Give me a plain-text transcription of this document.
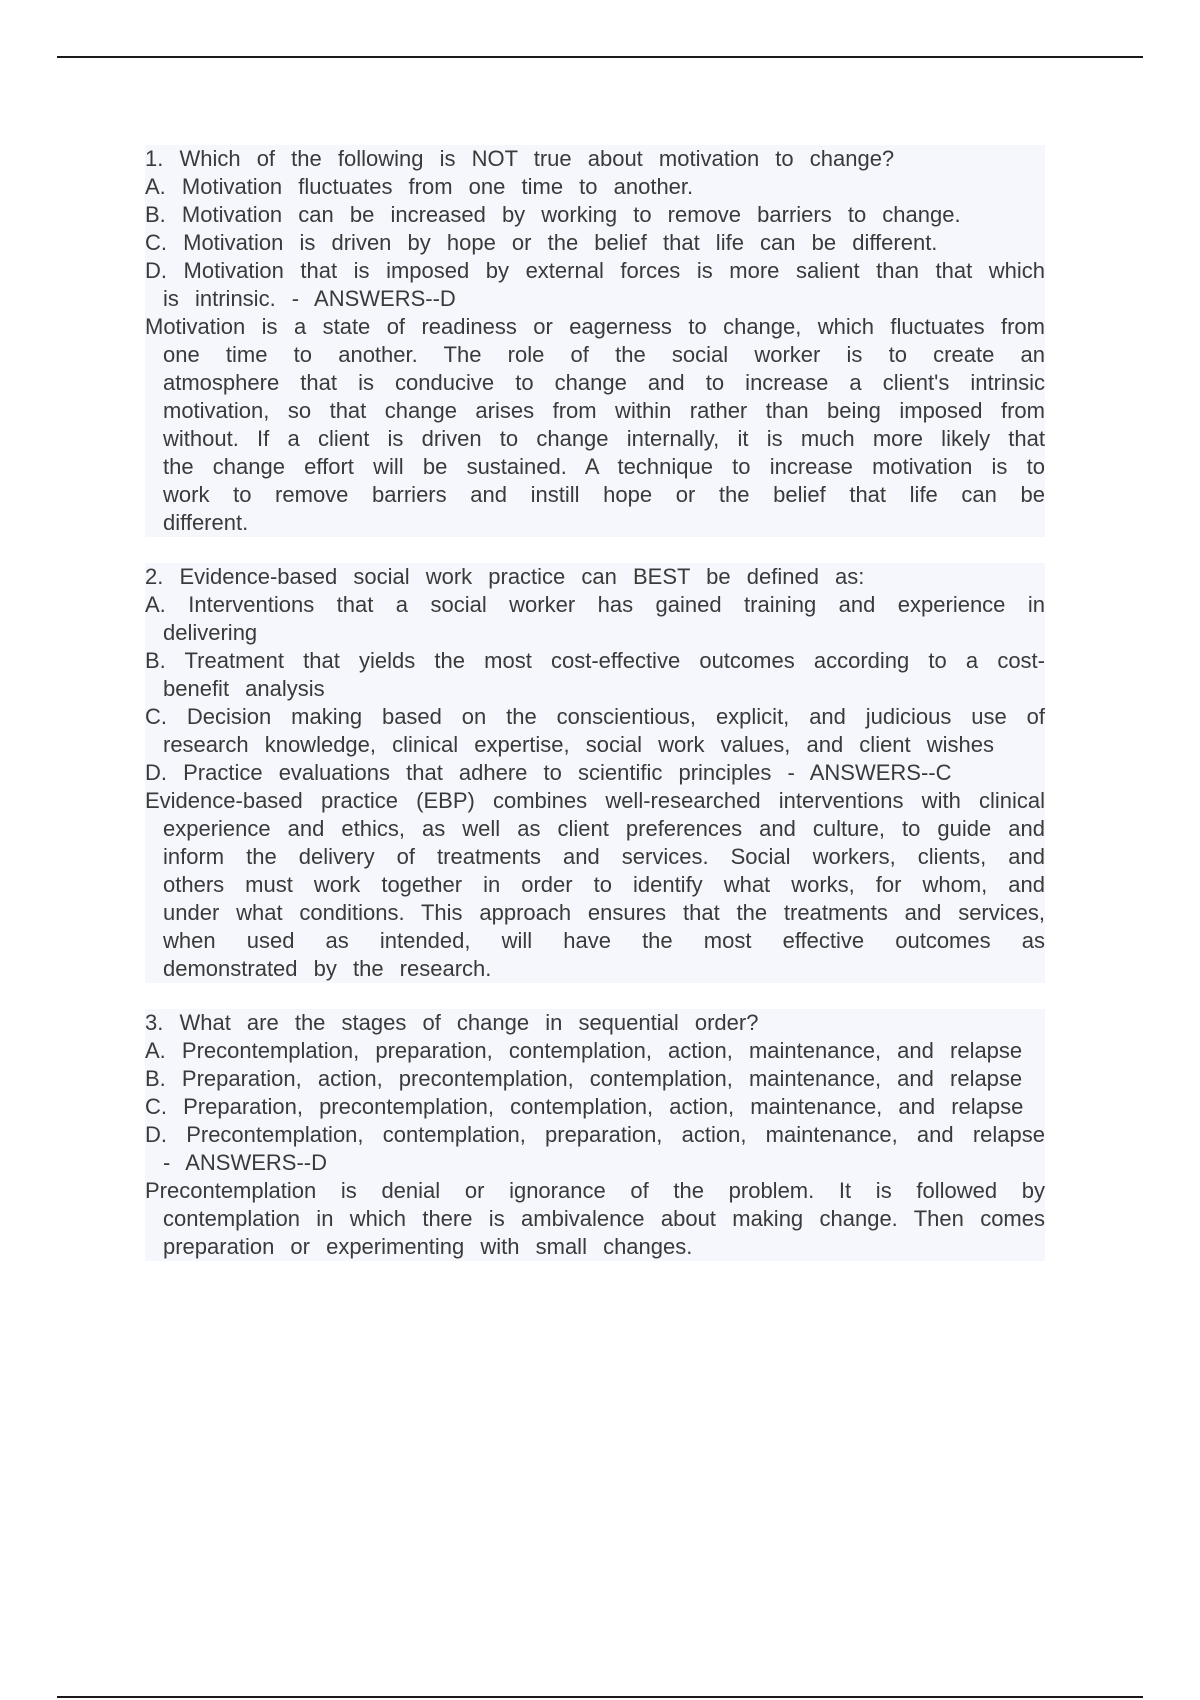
1. Which of the following is NOT true about motivation to change?
A. Motivation fluctuates from one time to another.
B. Motivation can be increased by working to remove barriers to change.
C. Motivation is driven by hope or the belief that life can be different.
D. Motivation that is imposed by external forces is more salient than that which is intrinsic. - ANSWERS--D
Motivation is a state of readiness or eagerness to change, which fluctuates from one time to another. The role of the social worker is to create an atmosphere that is conducive to change and to increase a client's intrinsic motivation, so that change arises from within rather than being imposed from without. If a client is driven to change internally, it is much more likely that the change effort will be sustained. A technique to increase motivation is to work to remove barriers and instill hope or the belief that life can be different.
2. Evidence-based social work practice can BEST be defined as:
A. Interventions that a social worker has gained training and experience in delivering
B. Treatment that yields the most cost-effective outcomes according to a cost-benefit analysis
C. Decision making based on the conscientious, explicit, and judicious use of research knowledge, clinical expertise, social work values, and client wishes
D. Practice evaluations that adhere to scientific principles - ANSWERS--C
Evidence-based practice (EBP) combines well-researched interventions with clinical experience and ethics, as well as client preferences and culture, to guide and inform the delivery of treatments and services. Social workers, clients, and others must work together in order to identify what works, for whom, and under what conditions. This approach ensures that the treatments and services, when used as intended, will have the most effective outcomes as demonstrated by the research.
3. What are the stages of change in sequential order?
A. Precontemplation, preparation, contemplation, action, maintenance, and relapse
B. Preparation, action, precontemplation, contemplation, maintenance, and relapse
C. Preparation, precontemplation, contemplation, action, maintenance, and relapse
D. Precontemplation, contemplation, preparation, action, maintenance, and relapse - ANSWERS--D
Precontemplation is denial or ignorance of the problem. It is followed by contemplation in which there is ambivalence about making change. Then comes preparation or experimenting with small changes.
